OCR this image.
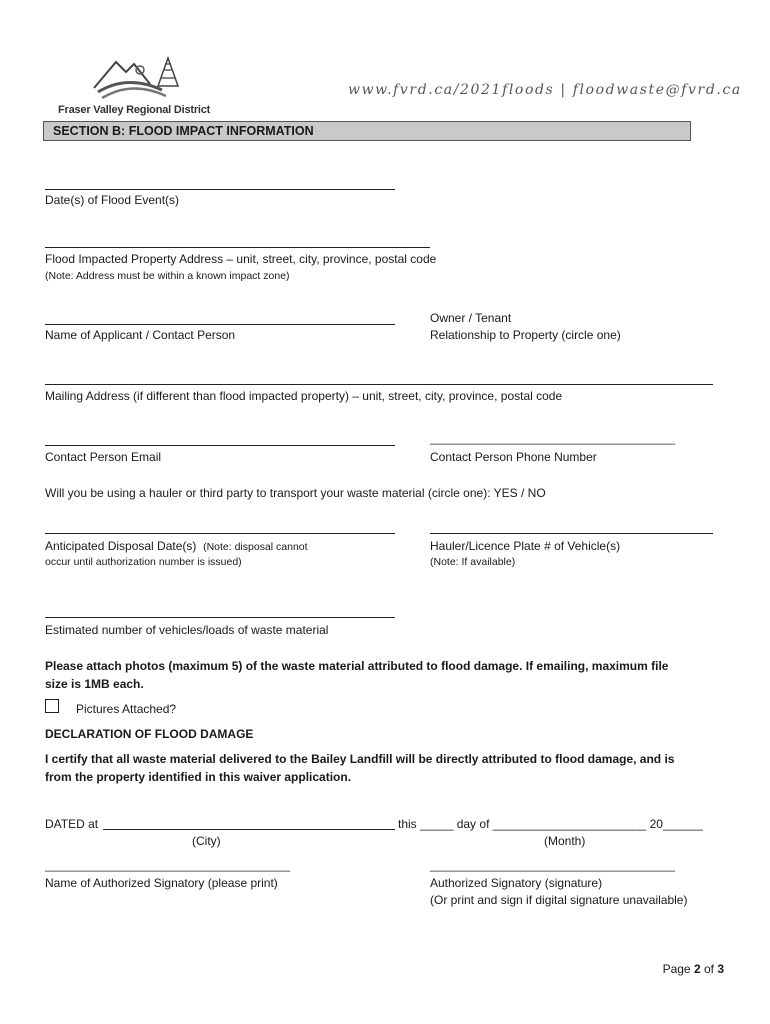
Fraser Valley Regional District
www.fvrd.ca/2021floods | floodwaste@fvrd.ca
SECTION B: FLOOD IMPACT INFORMATION
Date(s) of Flood Event(s)
Flood Impacted Property Address – unit, street, city, province, postal code
(Note: Address must be within a known impact zone)
Owner / Tenant
Name of Applicant / Contact Person	Relationship to Property (circle one)
Mailing Address (if different than flood impacted property) – unit, street, city, province, postal code
_______________________________________
Contact Person Email	Contact Person Phone Number
Will you be using a hauler or third party to transport your waste material (circle one): YES / NO
Anticipated Disposal Date(s) (Note: disposal cannot
occur until authorization number is issued)
Hauler/Licence Plate # of Vehicle(s)
(Note: If available)
Estimated number of vehicles/loads of waste material
Please attach photos (maximum 5) of the waste material attributed to flood damage. If emailing, maximum file
size is 1MB each.
Pictures Attached?
DECLARATION OF FLOOD DAMAGE
I certify that all waste material delivered to the Bailey Landfill will be directly attributed to flood damage, and is
from the property identified in this waiver application.
DATED at	this _____ day of _______________________ 20______
(City)	(Month)
_______________________________________	_______________________________________
Name of Authorized Signatory (please print)	Authorized Signatory (signature)
(Or print and sign if digital signature unavailable)
Page 2 of 3
